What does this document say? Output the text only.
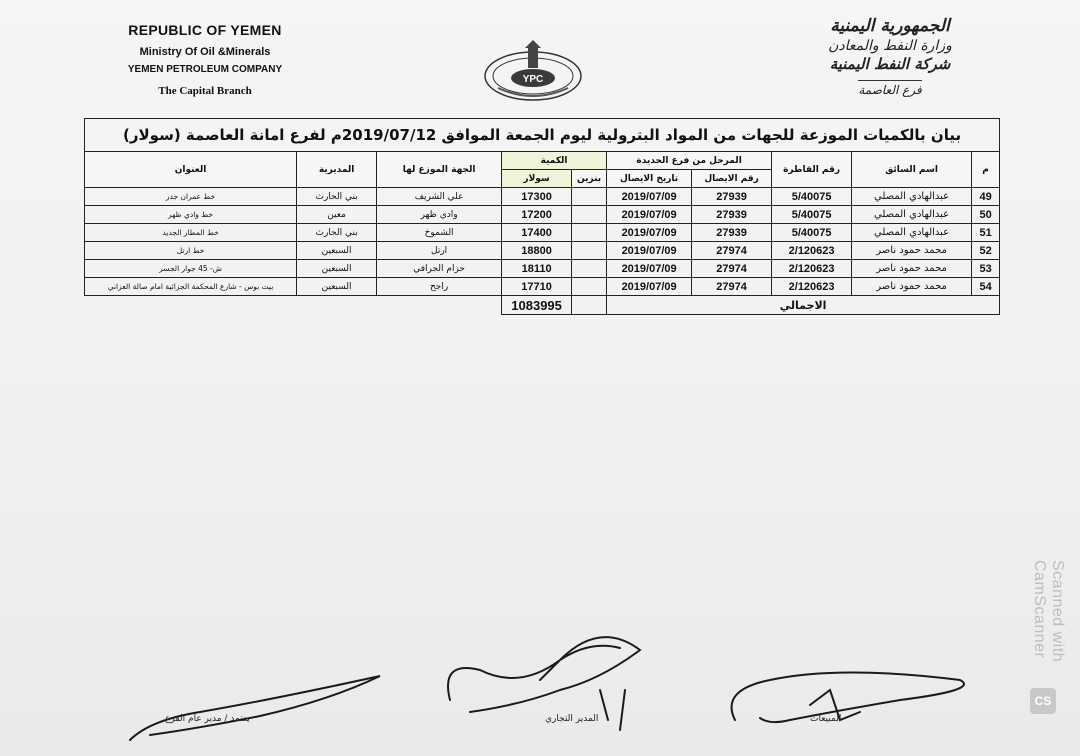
REPUBLIC OF YEMEN
Ministry Of Oil &Minerals
YEMEN PETROLEUM COMPANY
The Capital Branch
YPC
الجمهورية اليمنية
وزارة النفط والمعادن
شركة النفط اليمنية
فرع العاصمة
بيان بالكميات الموزعة للجهات من المواد البترولية ليوم الجمعة الموافق 2019/07/12م لفرع امانة العاصمة (سولار)									
م	اسم السائق	رقم القاطرة	المرحل من فرع الحديدة		الكمية		الجهة الموزع لها	المديرية	العنوان
			رقم الايصال	تاريخ الايصال	بنزين	سولار			
49	عبدالهادي المصلي	5/40075	27939	2019/07/09		17300	علي الشريف	بني الحارث	خط عمران جدر
50	عبدالهادي المصلي	5/40075	27939	2019/07/09		17200	وادي ظهر	معين	خط وادي ظهر
51	عبدالهادي المصلي	5/40075	27939	2019/07/09		17400	الشموخ	بني الحارث	خط المطار الجديد
52	محمد حمود ناصر	2/120623	27974	2019/07/09		18800	ارتل	السبعين	خط ارتل
53	محمد حمود ناصر	2/120623	27974	2019/07/09		18110	حزام الجرافي	السبعين	ش- 45 جوار الجسر
54	محمد حمود ناصر	2/120623	27974	2019/07/09		17710	راجح	السبعين	بيت بوس - شارع المحكمة الجزائية امام صالة العزاني
الاجمالي						1083995			
يعتمد / مدير عام الفرع	المدير التجاري	المبيعات
Scanned with CamScanner
CS
